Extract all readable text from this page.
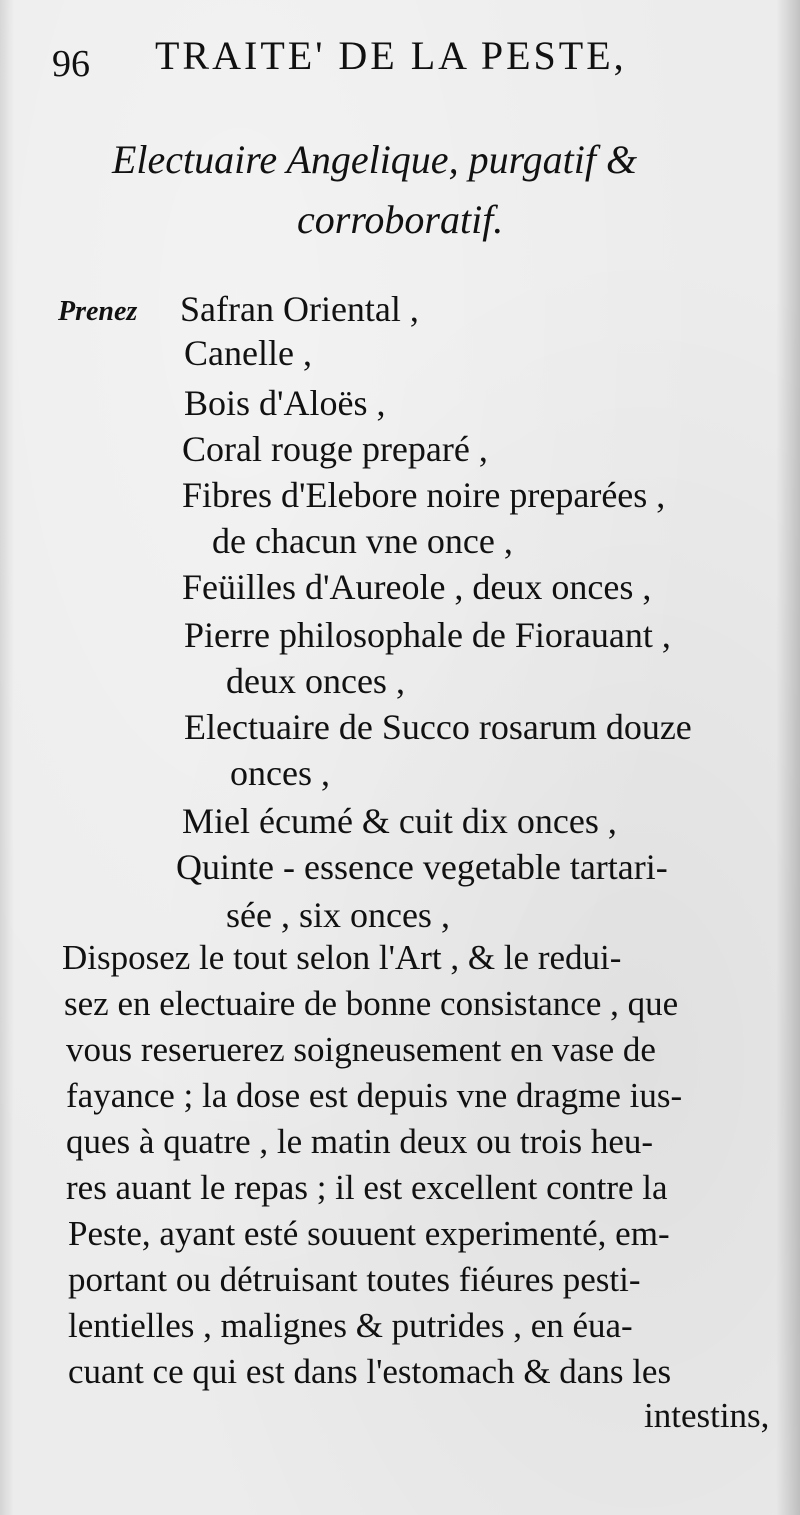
96 TRAITE' DE LA PESTE,
Electuaire Angelique, purgatif &
corroboratif.
Prenez Safran Oriental ,
Canelle ,
Bois d'Aloës ,
Coral rouge preparé ,
Fibres d'Elebore noire preparées ,
de chacun vne once ,
Feüilles d'Aureole , deux onces ,
Pierre philosophale de Fiorauant ,
deux onces ,
Electuaire de Succo rosarum douze
onces ,
Miel écumé & cuit dix onces ,
Quinte - essence vegetable tartari-
sée , six onces ,
Disposez le tout selon l'Art , & le redui-
sez en electuaire de bonne consistance , que
vous reseruerez soigneusement en vase de
fayance ; la dose est depuis vne dragme ius-
ques à quatre , le matin deux ou trois heu-
res auant le repas ; il est excellent contre la
Peste, ayant esté souuent experimenté, em-
portant ou détruisant toutes fiéures pesti-
lentielles , malignes & putrides , en éua-
cuant ce qui est dans l'estomach & dans les
intestins,
